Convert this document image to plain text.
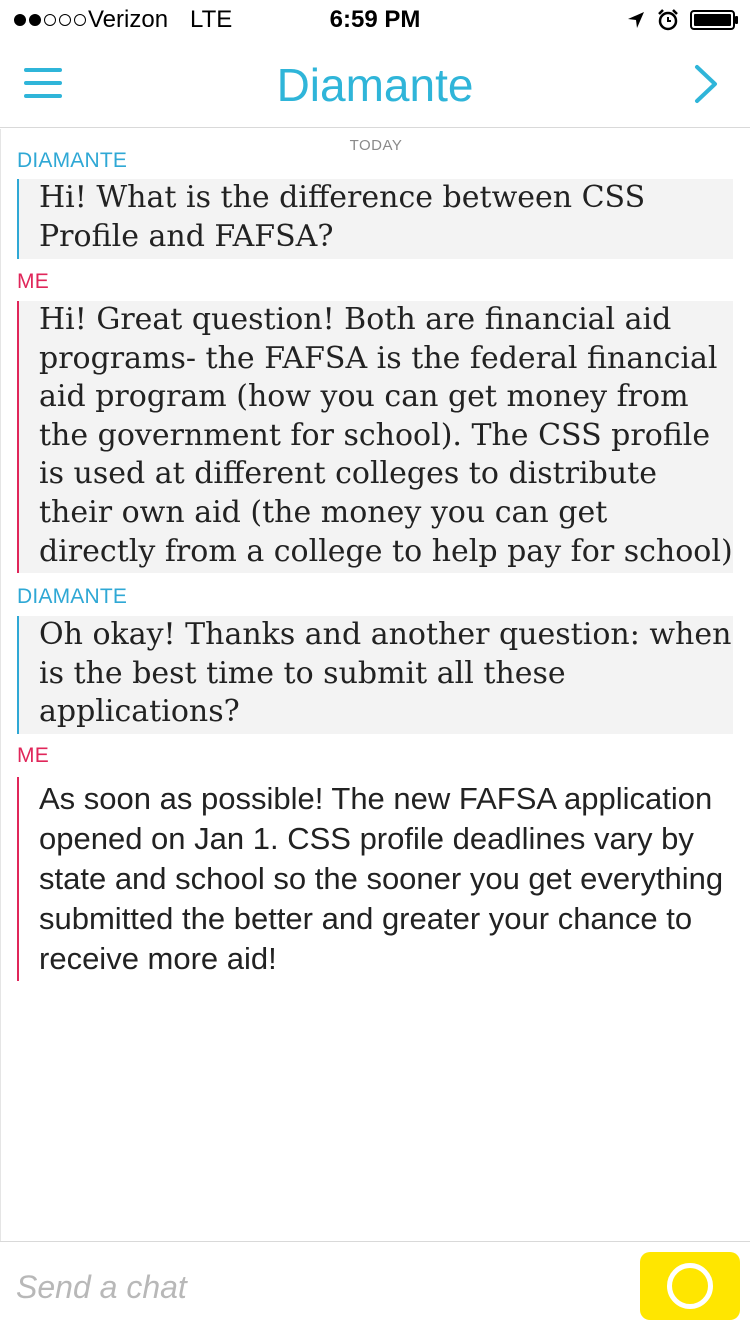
Verizon LTE	6:59 PM
Diamante
TODAY
DIAMANTE
Hi! What is the difference between CSS Profile and FAFSA?
ME
Hi! Great question! Both are financial aid programs- the FAFSA is the federal financial aid program (how you can get money from the government for school). The CSS profile is used at different colleges to distribute their own aid (the money you can get directly from a college to help pay for school)
DIAMANTE
Oh okay! Thanks and another question: when is the best time to submit all these applications?
ME
As soon as possible! The new FAFSA application opened on Jan 1. CSS profile deadlines vary by state and school so the sooner you get everything submitted the better and greater your chance to receive more aid!
Send a chat
